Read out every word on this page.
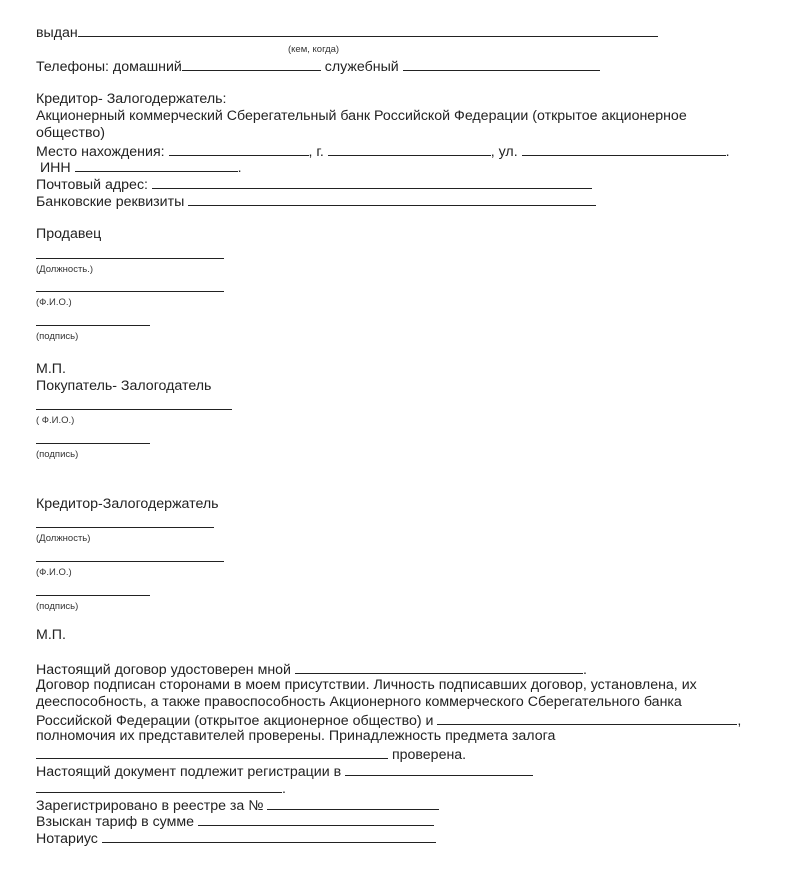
выдан
(кем, когда)
Телефоны: домашний	служебный
Кредитор- Залогодержатель:
Акционерный коммерческий Сберегательный банк Российской Федерации (открытое акционерное
общество)
Место нахождения:	, г.	, ул.	.
ИНН	.
Почтовый адрес:
Банковские реквизиты
Продавец
(Должность.)
(Ф.И.О.)
(подпись)
М.П.
Покупатель- Залогодатель
( Ф.И.О.)
(подпись)
Кредитор-Залогодержатель
(Должность)
(Ф.И.О.)
(подпись)
М.П.
Настоящий договор удостоверен мной	.
Договор подписан сторонами в моем присутствии. Личность подписавших договор, установлена, их
дееспособность, а также правоспособность Акционерного коммерческого Сберегательного банка
Российской Федерации (открытое акционерное общество) и	,
полномочия их представителей проверены. Принадлежность предмета залога
проверена.
Настоящий документ подлежит регистрации в
.
Зарегистрировано в реестре за №
Взыскан тариф в сумме
Нотариус
